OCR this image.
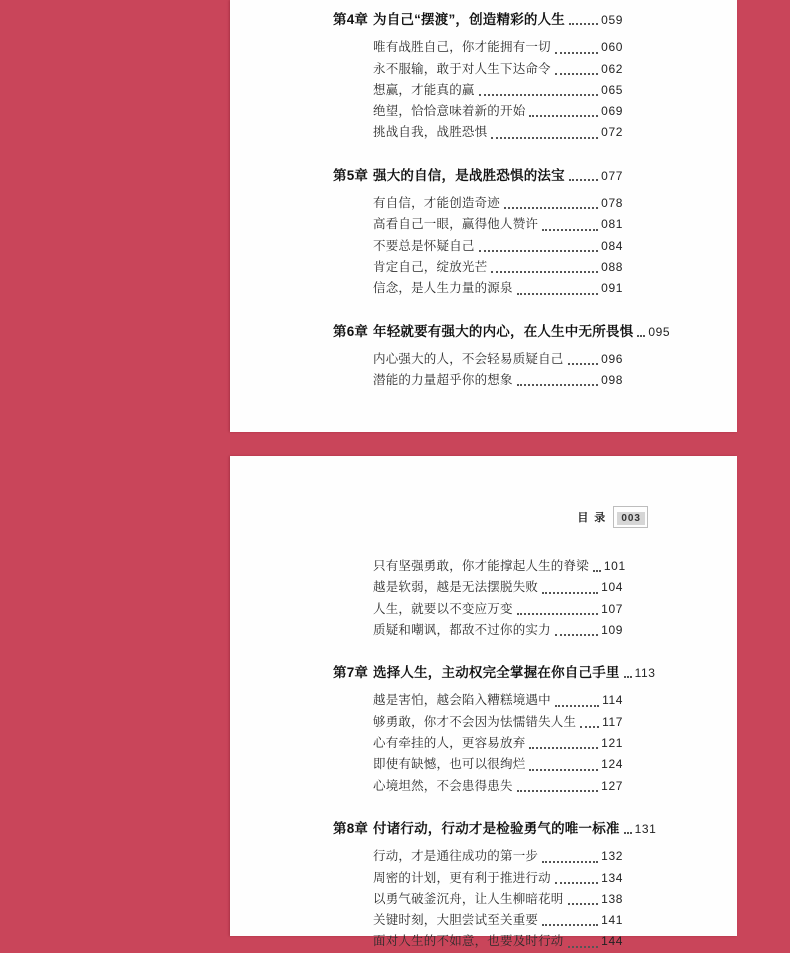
第4章 为自己“摆渡”，创造精彩的人生	059
唯有战胜自己，你才能拥有一切	060
永不服输，敢于对人生下达命令	062
想赢，才能真的赢	065
绝望，恰恰意味着新的开始	069
挑战自我，战胜恐惧	072
第5章 强大的自信，是战胜恐惧的法宝	077
有自信，才能创造奇迹	078
高看自己一眼，赢得他人赞许	081
不要总是怀疑自己	084
肯定自己，绽放光芒	088
信念，是人生力量的源泉	091
第6章 年轻就要有强大的内心，在人生中无所畏惧 095
内心强大的人，不会轻易质疑自己	096
潜能的力量超乎你的想象	098
目录	003
只有坚强勇敢，你才能撑起人生的脊梁 101
越是软弱，越是无法摆脱失败	104
人生，就要以不变应万变	107
质疑和嘲讽，都敌不过你的实力	109
第7章 选择人生，主动权完全掌握在你自己手里 113
越是害怕，越会陷入糟糕境遇中	114
够勇敢，你才不会因为怯懦错失人生 117
心有牵挂的人，更容易放弃	121
即使有缺憾，也可以很绚烂	124
心境坦然，不会患得患失	127
第8章 付诸行动，行动才是检验勇气的唯一标准 131
行动，才是通往成功的第一步	132
周密的计划，更有利于推进行动	134
以勇气破釜沉舟，让人生柳暗花明	138
关键时刻，大胆尝试至关重要	141
面对人生的不如意，也要及时行动	144
